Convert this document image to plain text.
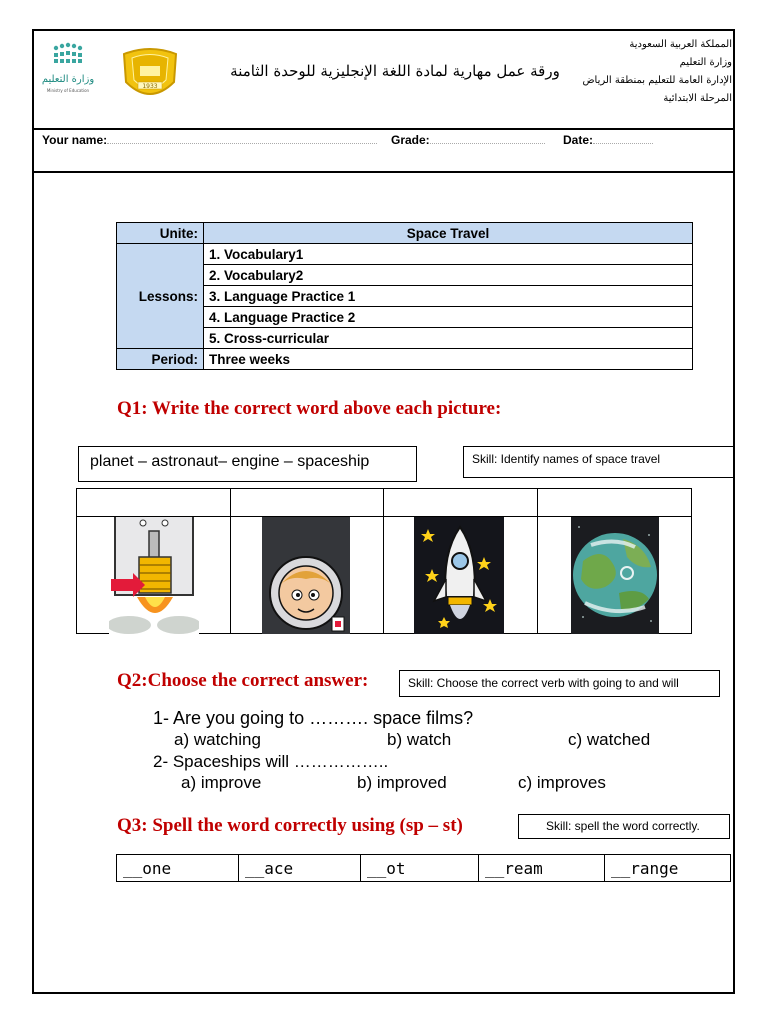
وزارة التعليم
Ministry of Education
1933
ورقة عمل مهارية لمادة اللغة الإنجليزية للوحدة الثامنة
المملكة العربية السعودية
وزارة التعليم
الإدارة العامة للتعليم بمنطقة الرياض
المرحلة الابتدائية
Your name:	Grade:	Date:
Unite:	Space Travel
Lessons:	1. Vocabulary1
	2. Vocabulary2
	3. Language Practice 1
	4. Language Practice 2
	5. Cross-curricular
Period:	Three weeks
Q1: Write the correct word above each picture:
planet – astronaut– engine – spaceship	Skill: Identify names of space travel
Q2:Choose the correct answer:	Skill: Choose the correct verb with going to and will
1- Are you going to ………. space films?
a) watching	b) watch	c) watched
2- Spaceships will ……………..
a) improve	b) improved	c) improves
Q3: Spell the word correctly using (sp – st)	Skill: spell the word correctly.
__one	__ace	__ot	__ream	__range
